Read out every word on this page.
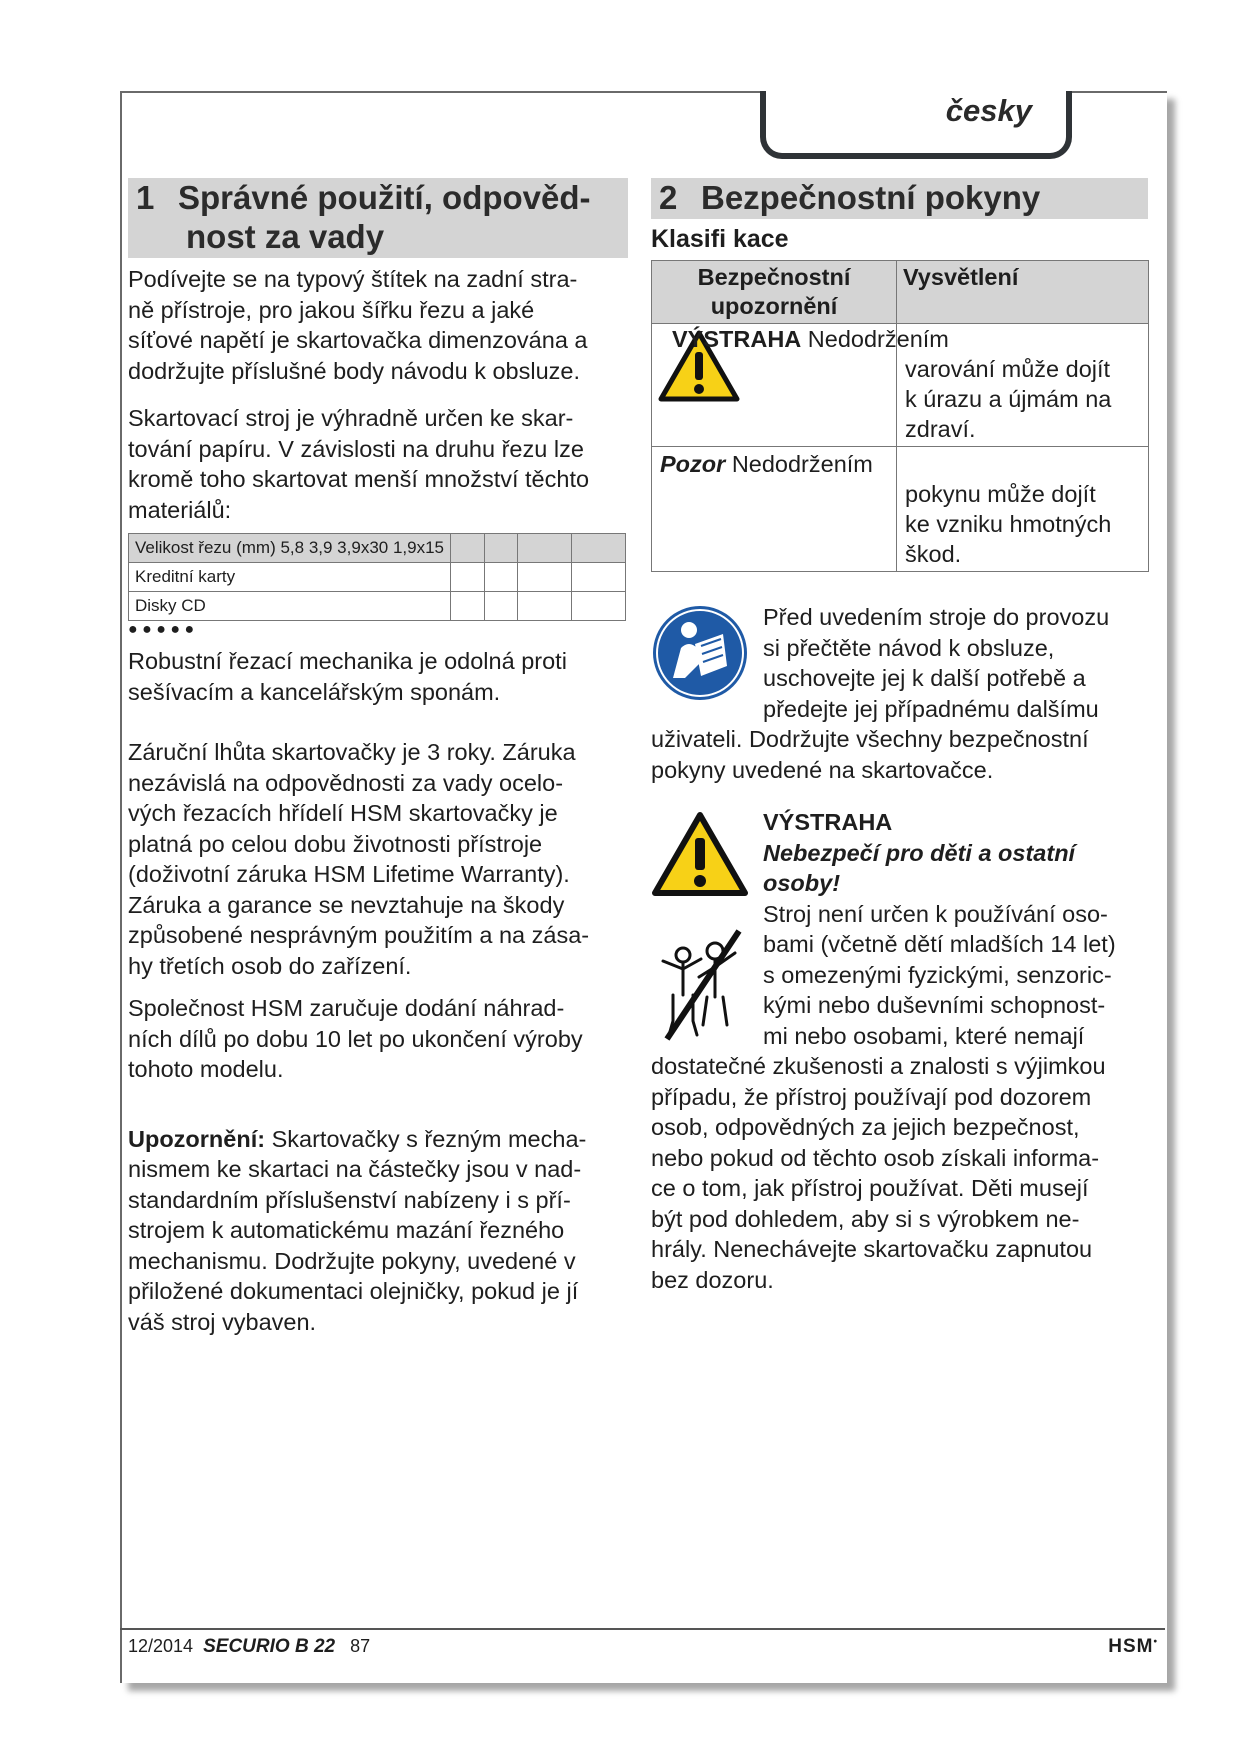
česky
1 Správné použití, odpověd-
nost za vady

Podívejte se na typový štítek na zadní stra-

ně přístroje, pro jakou šířku řezu a jaké

síťové napětí je skartovačka dimenzována a

dodržujte příslušné body návodu k obsluze.

Skartovací stroj je výhradně určen ke skar-

tování papíru. V závislosti na druhu řezu lze

kromě toho skartovat menší množství těchto

materiálů:

Velikost řezu (mm) 5,8 3,9 3,9x30 1,9x15				
Kreditní karty				
Disky CD				
● ● ● ● ●

Robustní řezací mechanika je odolná proti

sešívacím a kancelářským sponám.

Záruční lhůta skartovačky je 3 roky. Záruka

nezávislá na odpovědnosti za vady ocelo-

vých řezacích hřídelí HSM skartovačky je

platná po celou dobu životnosti přístroje

(doživotní záruka HSM Lifetime Warranty).

Záruka a garance se nevztahuje na škody

způsobené nesprávným použitím a na zása-

hy třetích osob do zařízení.

Společnost HSM zaručuje dodání náhrad-

ních dílů po dobu 10 let po ukončení výroby

tohoto modelu.

Upozornění: Skartovačky s řezným mecha-

nismem ke skartaci na částečky jsou v nad-

standardním příslušenství nabízeny i s pří-

strojem k automatickému mazání řezného

mechanismu. Dodržujte pokyny, uvedené v

přiložené dokumentaci olejničky, pokud je jí

váš stroj vybaven.

2 Bezpečnostní pokyny
Klasifi kace
Bezpečnostní
upozornění	Vysvětlení

VÝSTRAHA Nedodržením	varování může dojít
k úrazu a újmám na
zdraví.

Pozor Nedodržením	pokynu může dojít
ke vzniku hmotných
škod.

Před uvedením stroje do provozu

si přečtěte návod k obsluze,

uschovejte jej k další potřebě a

předejte jej případnému dalšímu

uživateli. Dodržujte všechny bezpečnostní

pokyny uvedené na skartovačce.

VÝSTRAHA

Nebezpečí pro děti a ostatní

osoby!

Stroj není určen k používání oso-

bami (včetně dětí mladších 14 let)

s omezenými fyzickými, senzoric-

kými nebo duševními schopnost-

mi nebo osobami, které nemají

dostatečné zkušenosti a znalosti s výjimkou

případu, že přístroj používají pod dozorem

osob, odpovědných za jejich bezpečnost,

nebo pokud od těchto osob získali informa-

ce o tom, jak přístroj používat. Děti musejí

být pod dohledem, aby si s výrobkem ne-

hrály. Nenechávejte skartovačku zapnutou

bez dozoru.

12/2014 SECURIO B 22 87	HSM•
